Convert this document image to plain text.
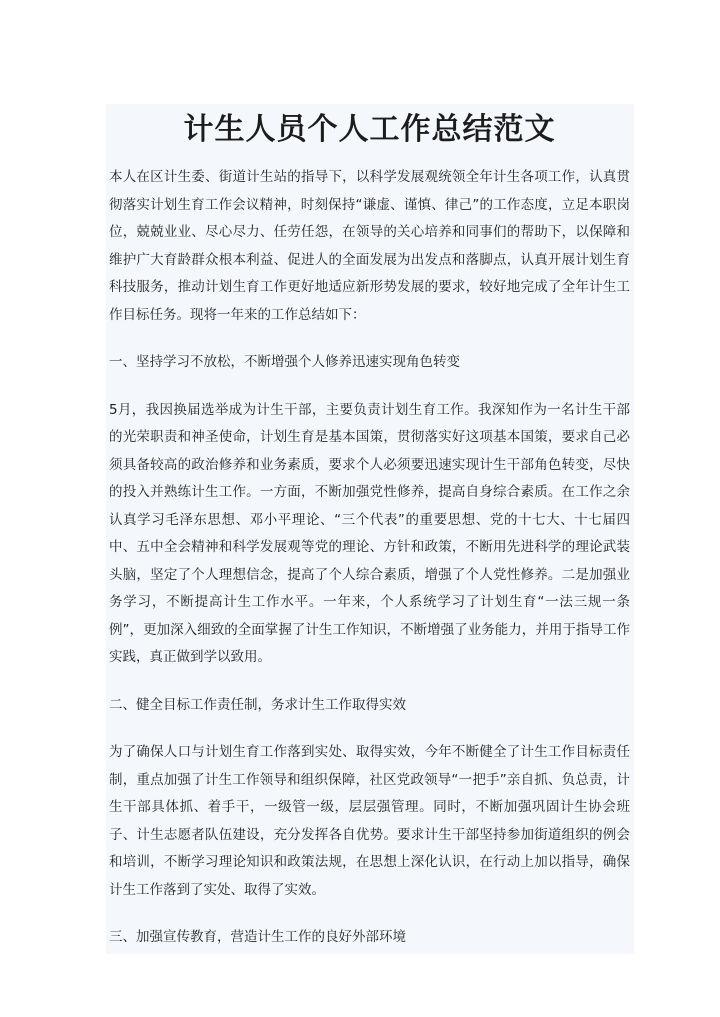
计生人员个人工作总结范文

本人在区计生委、街道计生站的指导下，以科学发展观统领全年计生各项工作，认真贯彻落实计划生育工作会议精神，时刻保持“谦虚、谨慎、律己”的工作态度，立足本职岗位，兢兢业业、尽心尽力、任劳任怨，在领导的关心培养和同事们的帮助下，以保障和维护广大育龄群众根本利益、促进人的全面发展为出发点和落脚点，认真开展计划生育科技服务，推动计划生育工作更好地适应新形势发展的要求，较好地完成了全年计生工作目标任务。现将一年来的工作总结如下：

一、坚持学习不放松，不断增强个人修养迅速实现角色转变

5月，我因换届选举成为计生干部，主要负责计划生育工作。我深知作为一名计生干部的光荣职责和神圣使命，计划生育是基本国策，贯彻落实好这项基本国策，要求自己必须具备较高的政治修养和业务素质，要求个人必须要迅速实现计生干部角色转变，尽快的投入并熟练计生工作。一方面，不断加强党性修养，提高自身综合素质。在工作之余认真学习毛泽东思想、邓小平理论、“三个代表”的重要思想、党的十七大、十七届四中、五中全会精神和科学发展观等党的理论、方针和政策，不断用先进科学的理论武装头脑，坚定了个人理想信念，提高了个人综合素质，增强了个人党性修养。二是加强业务学习，不断提高计生工作水平。一年来，个人系统学习了计划生育“一法三规一条例”，更加深入细致的全面掌握了计生工作知识，不断增强了业务能力，并用于指导工作实践，真正做到学以致用。

二、健全目标工作责任制，务求计生工作取得实效

为了确保人口与计划生育工作落到实处、取得实效，今年不断健全了计生工作目标责任制，重点加强了计生工作领导和组织保障，社区党政领导“一把手”亲自抓、负总责，计生干部具体抓、着手干，一级管一级，层层强管理。同时，不断加强巩固计生协会班子、计生志愿者队伍建设，充分发挥各自优势。要求计生干部坚持参加街道组织的例会和培训，不断学习理论知识和政策法规，在思想上深化认识，在行动上加以指导，确保计生工作落到了实处、取得了实效。

三、加强宣传教育，营造计生工作的良好外部环境
